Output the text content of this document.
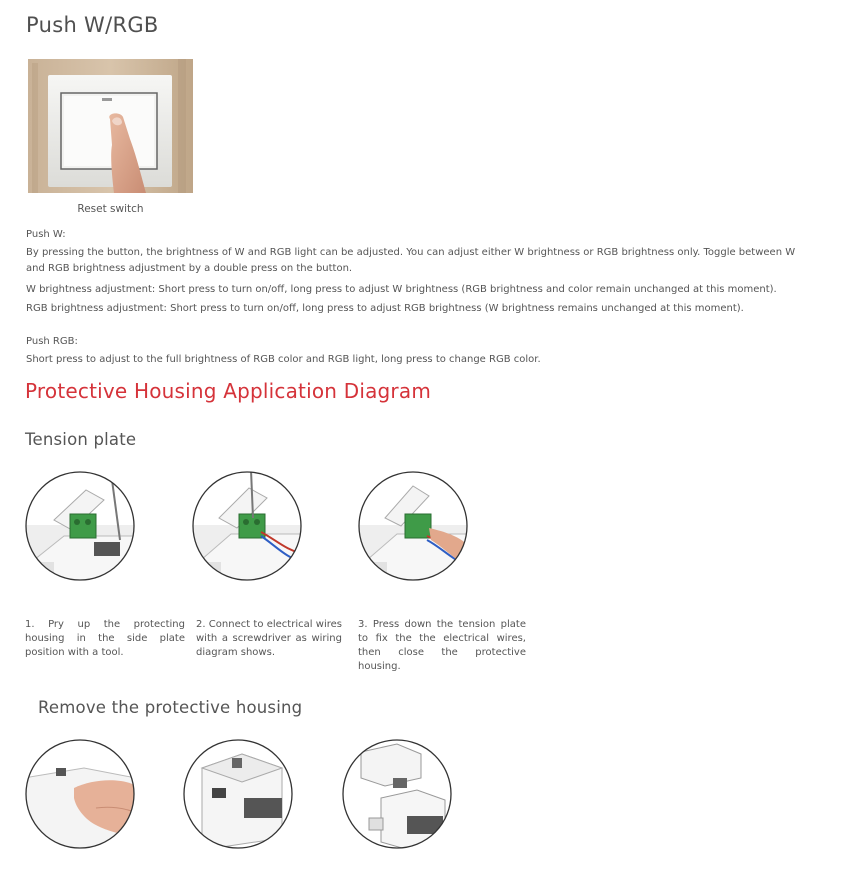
Push W/RGB
Reset switch
Push W:
By pressing the button, the brightness of W and RGB light can be adjusted. You can adjust either W brightness or RGB brightness only. Toggle between W and RGB brightness adjustment by a double press on the button.
W brightness adjustment: Short press to turn on/off, long press to adjust W brightness (RGB brightness and color remain unchanged at this moment).
RGB brightness adjustment: Short press to turn on/off, long press to adjust RGB brightness (W brightness remains unchanged at this moment).
Push RGB:
Short press to adjust to the full brightness of RGB color and RGB light, long press to change RGB color.
Protective Housing Application Diagram
Tension plate
1. Pry up the protecting housing in the side plate position with a tool.
2. Connect to electrical wires with a screwdriver as wiring diagram shows.
3. Press down the tension plate to fix the the electrical wires, then close the protective housing.
Remove the protective housing
